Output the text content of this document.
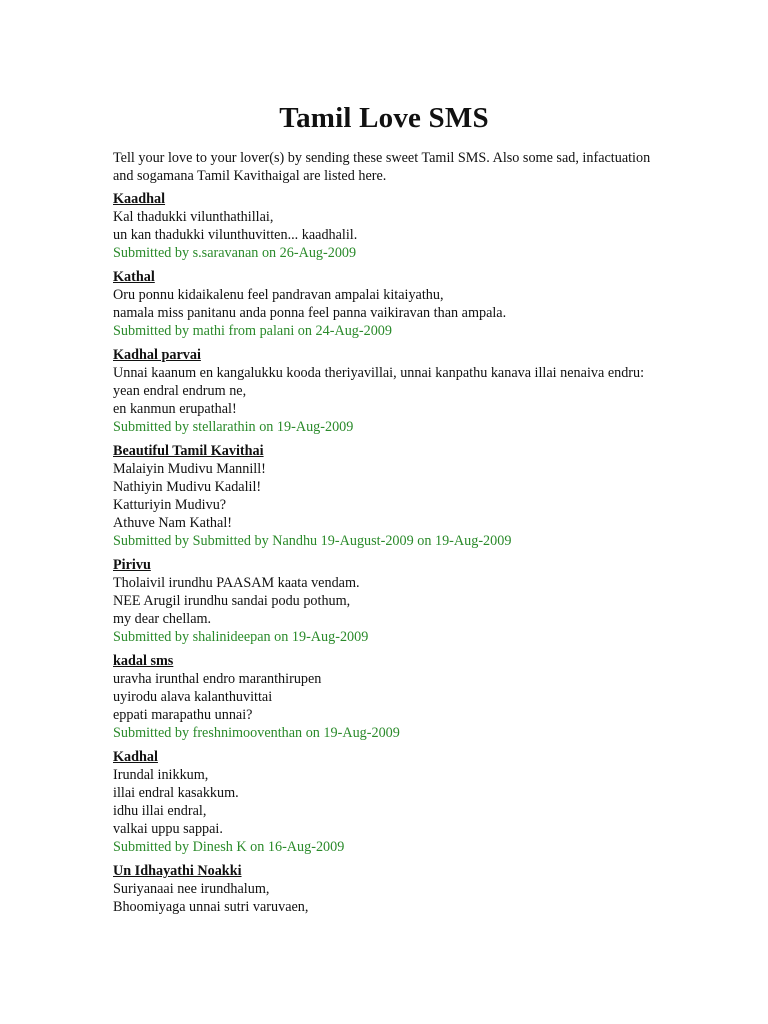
Tamil Love SMS

Tell your love to your lover(s) by sending these sweet Tamil SMS. Also some sad, infactuation and sogamana Tamil Kavithaigal are listed here.

Kaadhal
Kal thadukki vilunthathillai,
un kan thadukki vilunthuvitten... kaadhalil.
Submitted by s.saravanan on 26-Aug-2009
Kathal
Oru ponnu kidaikalenu feel pandravan ampalai kitaiyathu,
namala miss panitanu anda ponna feel panna vaikiravan than ampala.
Submitted by mathi from palani on 24-Aug-2009
Kadhal parvai
Unnai kaanum en kangalukku kooda theriyavillai, unnai kanpathu kanava illai nenaiva endru:
yean endral endrum ne,
en kanmun erupathal!
Submitted by stellarathin on 19-Aug-2009
Beautiful Tamil Kavithai
Malaiyin Mudivu Mannill!
Nathiyin Mudivu Kadalil!
Katturiyin Mudivu?
Athuve Nam Kathal!
Submitted by Submitted by Nandhu 19-August-2009 on 19-Aug-2009
Pirivu
Tholaivil irundhu PAASAM kaata vendam.
NEE Arugil irundhu sandai podu pothum,
my dear chellam.
Submitted by shalinideepan on 19-Aug-2009
kadal sms
uravha irunthal endro maranthirupen
uyirodu alava kalanthuvittai
eppati marapathu unnai?
Submitted by freshnimooventhan on 19-Aug-2009
Kadhal
Irundal inikkum,
illai endral kasakkum.
idhu illai endral,
valkai uppu sappai.
Submitted by Dinesh K on 16-Aug-2009
Un Idhayathi Noakki
Suriyanaai nee irundhalum,
Bhoomiyaga unnai sutri varuvaen,
